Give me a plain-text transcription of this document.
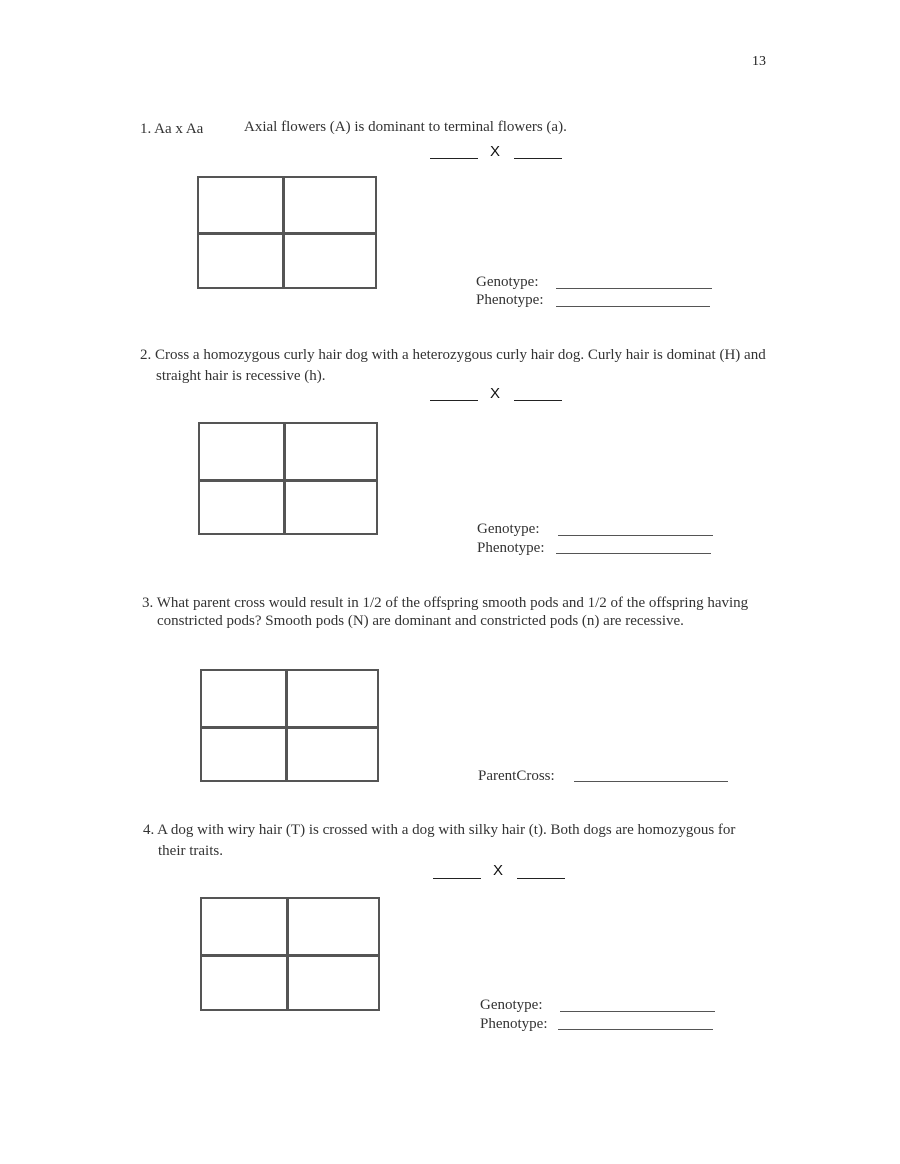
13
1. Aa x Aa	Axial flowers (A) is dominant to terminal flowers (a).
X
Genotype:
Phenotype:
2. Cross a homozygous curly hair dog with a heterozygous curly hair dog. Curly hair is dominat (H) and
straight hair is recessive (h).
X
Genotype:
Phenotype:
3. What parent cross would result in 1/2 of the offspring smooth pods and 1/2 of the offspring having
constricted pods? Smooth pods (N) are dominant and constricted pods (n) are recessive.
ParentCross:
4. A dog with wiry hair (T) is crossed with a dog with silky hair (t). Both dogs are homozygous for
their traits.
X
Genotype:
Phenotype:
